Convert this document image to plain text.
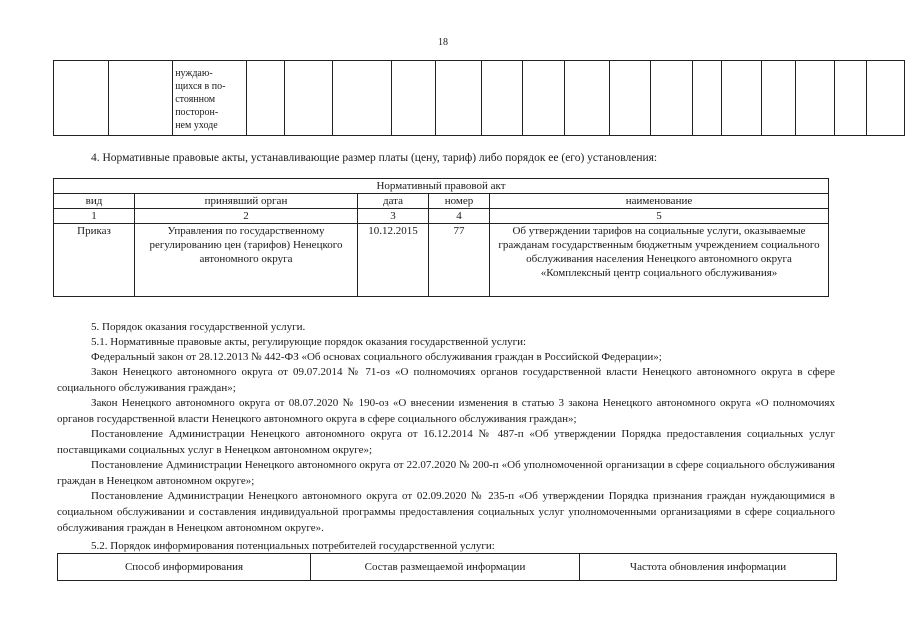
18

нуждаю-
щихся в по-
стоянном
посторон-
нем уходе

4. Нормативные правовые акты, устанавливающие размер платы (цену, тариф) либо порядок ее (его) установления:
Нормативный правовой акт				
вид	принявший орган	дата	номер	наименование
1	2	3	4	5
Приказ	Управления по государственному регулированию цен (тарифов) Ненецкого автономного округа	10.12.2015	77	Об утверждении тарифов на социальные услуги, оказываемые гражданам государственным бюджетным учреждением социального обслуживания населения Ненецкого автономного округа «Комплексный центр социального обслуживания»

5. Порядок оказания государственной услуги.

5.1. Нормативные правовые акты, регулирующие порядок оказания государственной услуги:

Федеральный закон от 28.12.2013 № 442-ФЗ «Об основах социального обслуживания граждан в Российской Федерации»;

Закон Ненецкого автономного округа от 09.07.2014 № 71-оз «О полномочиях органов государственной власти Ненецкого автономного округа в сфере социального обслуживания граждан»;

Закон Ненецкого автономного округа от 08.07.2020 № 190-оз «О внесении изменения в статью 3 закона Ненецкого автономного округа «О полномочиях органов государственной власти Ненецкого автономного округа в сфере социального обслуживания граждан»;

Постановление Администрации Ненецкого автономного округа от 16.12.2014 № 487-п «Об утверждении Порядка предоставления социальных услуг поставщиками социальных услуг в Ненецком автономном округе»;

Постановление Администрации Ненецкого автономного округа от 22.07.2020 № 200-п «Об уполномоченной организации в сфере социального обслуживания граждан в Ненецком автономном округе»;

Постановление Администрации Ненецкого автономного округа от 02.09.2020 № 235-п «Об утверждении Порядка признания граждан нуждающимися в социальном обслуживании и составления индивидуальной программы предоставления социальных услуг уполномоченными организациями в сфере социального обслуживания граждан в Ненецком автономном округе».

5.2. Порядок информирования потенциальных потребителей государственной услуги:

Способ информирования	Состав размещаемой информации	Частота обновления информации
